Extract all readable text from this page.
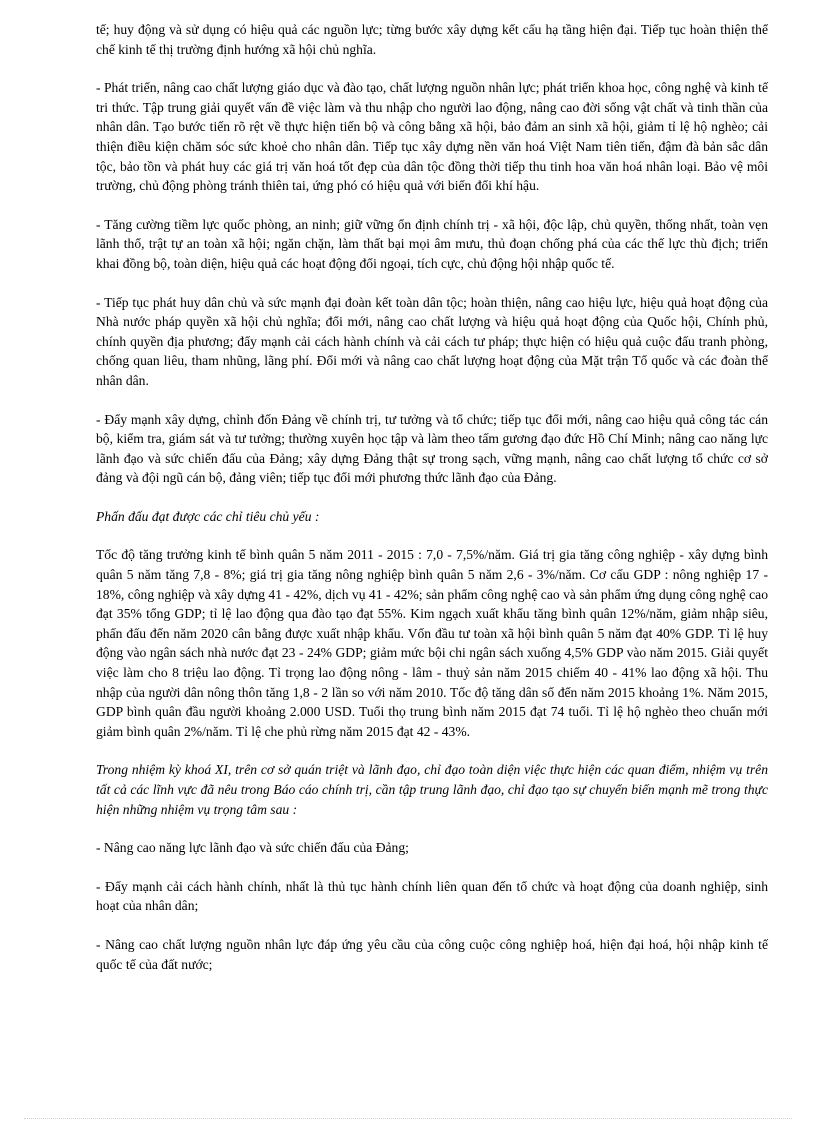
tế; huy động và sử dụng có hiệu quả các nguồn lực; từng bước xây dựng kết cấu hạ tầng hiện đại. Tiếp tục hoàn thiện thể chế kinh tế thị trường định hướng xã hội chủ nghĩa.

- Phát triển, nâng cao chất lượng giáo dục và đào tạo, chất lượng nguồn nhân lực; phát triển khoa học, công nghệ và kinh tế tri thức. Tập trung giải quyết vấn đề việc làm và thu nhập cho người lao động, nâng cao đời sống vật chất và tinh thần của nhân dân. Tạo bước tiến rõ rệt về thực hiện tiến bộ và công bằng xã hội, bảo đảm an sinh xã hội, giảm tỉ lệ hộ nghèo; cải thiện điều kiện chăm sóc sức khoẻ cho nhân dân. Tiếp tục xây dựng nền văn hoá Việt Nam tiên tiến, đậm đà bản sắc dân tộc, bảo tồn và phát huy các giá trị văn hoá tốt đẹp của dân tộc đồng thời tiếp thu tinh hoa văn hoá nhân loại. Bảo vệ môi trường, chủ động phòng tránh thiên tai, ứng phó có hiệu quả với biến đổi khí hậu.

- Tăng cường tiềm lực quốc phòng, an ninh; giữ vững ổn định chính trị - xã hội, độc lập, chủ quyền, thống nhất, toàn vẹn lãnh thổ, trật tự an toàn xã hội; ngăn chặn, làm thất bại mọi âm mưu, thủ đoạn chống phá của các thế lực thù địch; triển khai đồng bộ, toàn diện, hiệu quả các hoạt động đối ngoại, tích cực, chủ động hội nhập quốc tế.

- Tiếp tục phát huy dân chủ và sức mạnh đại đoàn kết toàn dân tộc; hoàn thiện, nâng cao hiệu lực, hiệu quả hoạt động của Nhà nước pháp quyền xã hội chủ nghĩa; đổi mới, nâng cao chất lượng và hiệu quả hoạt động của Quốc hội, Chính phủ, chính quyền địa phương; đẩy mạnh cải cách hành chính và cải cách tư pháp; thực hiện có hiệu quả cuộc đấu tranh phòng, chống quan liêu, tham nhũng, lãng phí. Đổi mới và nâng cao chất lượng hoạt động của Mặt trận Tổ quốc và các đoàn thể nhân dân.

- Đẩy mạnh xây dựng, chỉnh đốn Đảng về chính trị, tư tưởng và tổ chức; tiếp tục đổi mới, nâng cao hiệu quả công tác cán bộ, kiểm tra, giám sát và tư tưởng; thường xuyên học tập và làm theo tấm gương đạo đức Hồ Chí Minh; nâng cao năng lực lãnh đạo và sức chiến đấu của Đảng; xây dựng Đảng thật sự trong sạch, vững mạnh, nâng cao chất lượng tổ chức cơ sở đảng và đội ngũ cán bộ, đảng viên; tiếp tục đổi mới phương thức lãnh đạo của Đảng.

Phấn đấu đạt được các chỉ tiêu chủ yếu :

Tốc độ tăng trưởng kinh tế bình quân 5 năm 2011 - 2015 : 7,0 - 7,5%/năm. Giá trị gia tăng công nghiệp - xây dựng bình quân 5 năm tăng 7,8 - 8%; giá trị gia tăng nông nghiệp bình quân 5 năm 2,6 - 3%/năm. Cơ cấu GDP : nông nghiệp 17 - 18%, công nghiệp và xây dựng 41 - 42%, dịch vụ 41 - 42%; sản phẩm công nghệ cao và sản phẩm ứng dụng công nghệ cao đạt 35% tổng GDP; tỉ lệ lao động qua đào tạo đạt 55%. Kim ngạch xuất khẩu tăng bình quân 12%/năm, giảm nhập siêu, phấn đấu đến năm 2020 cân bằng được xuất nhập khẩu. Vốn đầu tư toàn xã hội bình quân 5 năm đạt 40% GDP. Tỉ lệ huy động vào ngân sách nhà nước đạt 23 - 24% GDP; giảm mức bội chi ngân sách xuống 4,5% GDP vào năm 2015. Giải quyết việc làm cho 8 triệu lao động. Tỉ trọng lao động nông - lâm - thuỷ sản năm 2015 chiếm 40 - 41% lao động xã hội. Thu nhập của người dân nông thôn tăng 1,8 - 2 lần so với năm 2010. Tốc độ tăng dân số đến năm 2015 khoảng 1%. Năm 2015, GDP bình quân đầu người khoảng 2.000 USD. Tuổi thọ trung bình năm 2015 đạt 74 tuổi. Tỉ lệ hộ nghèo theo chuẩn mới giảm bình quân 2%/năm. Tỉ lệ che phủ rừng năm 2015 đạt 42 - 43%.

Trong nhiệm kỳ khoá XI, trên cơ sở quán triệt và lãnh đạo, chỉ đạo toàn diện việc thực hiện các quan điểm, nhiệm vụ trên tất cả các lĩnh vực đã nêu trong Báo cáo chính trị, cần tập trung lãnh đạo, chỉ đạo tạo sự chuyển biến mạnh mẽ trong thực hiện những nhiệm vụ trọng tâm sau :

- Nâng cao năng lực lãnh đạo và sức chiến đấu của Đảng;

- Đẩy mạnh cải cách hành chính, nhất là thủ tục hành chính liên quan đến tổ chức và hoạt động của doanh nghiệp, sinh hoạt của nhân dân;

- Nâng cao chất lượng nguồn nhân lực đáp ứng yêu cầu của công cuộc công nghiệp hoá, hiện đại hoá, hội nhập kinh tế quốc tế của đất nước;
